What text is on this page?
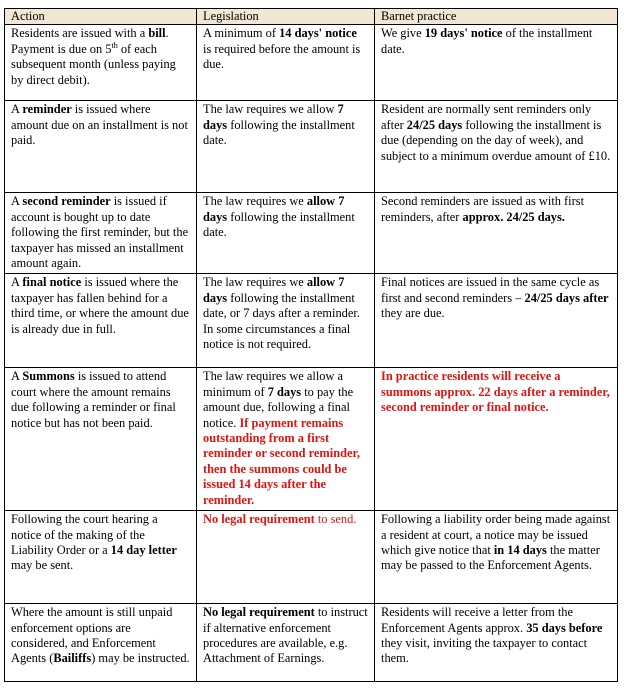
Action	Legislation	Barnet practice
Residents are issued with a bill. Payment is due on 5th of each subsequent month (unless paying by direct debit).	A minimum of 14 days' notice is required before the amount is due.	We give 19 days' notice of the installment date.
A reminder is issued where amount due on an installment is not paid.	The law requires we allow 7 days following the installment date.	Resident are normally sent reminders only after 24/25 days following the installment is due (depending on the day of week), and subject to a minimum overdue amount of £10.
A second reminder is issued if account is bought up to date following the first reminder, but the taxpayer has missed an installment amount again.	The law requires we allow 7 days following the installment date.	Second reminders are issued as with first reminders, after approx. 24/25 days.
A final notice is issued where the taxpayer has fallen behind for a third time, or where the amount due is already due in full.	The law requires we allow 7 days following the installment date, or 7 days after a reminder. In some circumstances a final notice is not required.	Final notices are issued in the same cycle as first and second reminders – 24/25 days after they are due.
A Summons is issued to attend court where the amount remains due following a reminder or final notice but has not been paid.	The law requires we allow a minimum of 7 days to pay the amount due, following a final notice. If payment remains outstanding from a first reminder or second reminder, then the summons could be issued 14 days after the reminder.	In practice residents will receive a summons approx. 22 days after a reminder, second reminder or final notice.
Following the court hearing a notice of the making of the Liability Order or a 14 day letter may be sent.	No legal requirement to send.	Following a liability order being made against a resident at court, a notice may be issued which give notice that in 14 days the matter may be passed to the Enforcement Agents.
Where the amount is still unpaid enforcement options are considered, and Enforcement Agents (Bailiffs) may be instructed.	No legal requirement to instruct if alternative enforcement procedures are available, e.g. Attachment of Earnings.	Residents will receive a letter from the Enforcement Agents approx. 35 days before they visit, inviting the taxpayer to contact them.
